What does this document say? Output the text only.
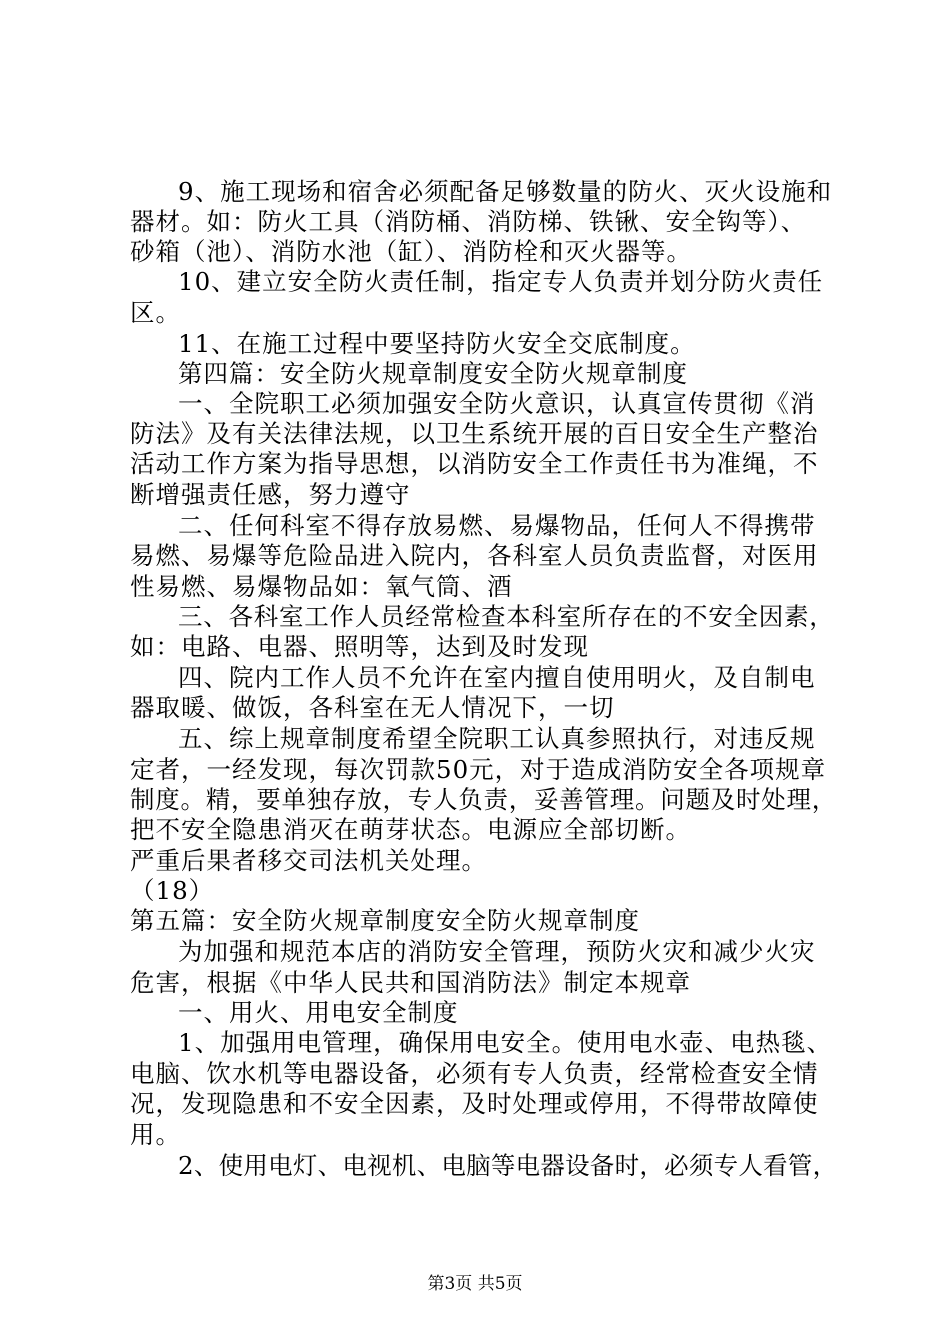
9、施工现场和宿舍必须配备足够数量的防火、灭火设施和
器材。如：防火工具（消防桶、消防梯、铁锹、安全钩等）、
砂箱（池）、消防水池（缸）、消防栓和灭火器等。
10、建立安全防火责任制，指定专人负责并划分防火责任
区。
11、在施工过程中要坚持防火安全交底制度。
第四篇：安全防火规章制度安全防火规章制度
一、全院职工必须加强安全防火意识，认真宣传贯彻《消
防法》及有关法律法规，以卫生系统开展的百日安全生产整治
活动工作方案为指导思想，以消防安全工作责任书为准绳，不
断增强责任感，努力遵守
二、任何科室不得存放易燃、易爆物品，任何人不得携带
易燃、易爆等危险品进入院内，各科室人员负责监督，对医用
性易燃、易爆物品如：氧气筒、酒
三、各科室工作人员经常检查本科室所存在的不安全因素，
如：电路、电器、照明等，达到及时发现
四、院内工作人员不允许在室内擅自使用明火，及自制电
器取暖、做饭，各科室在无人情况下，一切
五、综上规章制度希望全院职工认真参照执行，对违反规
定者，一经发现，每次罚款50元，对于造成消防安全各项规章
制度。精，要单独存放，专人负责，妥善管理。问题及时处理，
把不安全隐患消灭在萌芽状态。电源应全部切断。
严重后果者移交司法机关处理。
（18）
第五篇：安全防火规章制度安全防火规章制度
为加强和规范本店的消防安全管理，预防火灾和减少火灾
危害，根据《中华人民共和国消防法》制定本规章
一、用火、用电安全制度
1、加强用电管理，确保用电安全。使用电水壶、电热毯、
电脑、饮水机等电器设备，必须有专人负责，经常检查安全情
况，发现隐患和不安全因素，及时处理或停用，不得带故障使
用。
2、使用电灯、电视机、电脑等电器设备时，必须专人看管，
第3页 共5页
